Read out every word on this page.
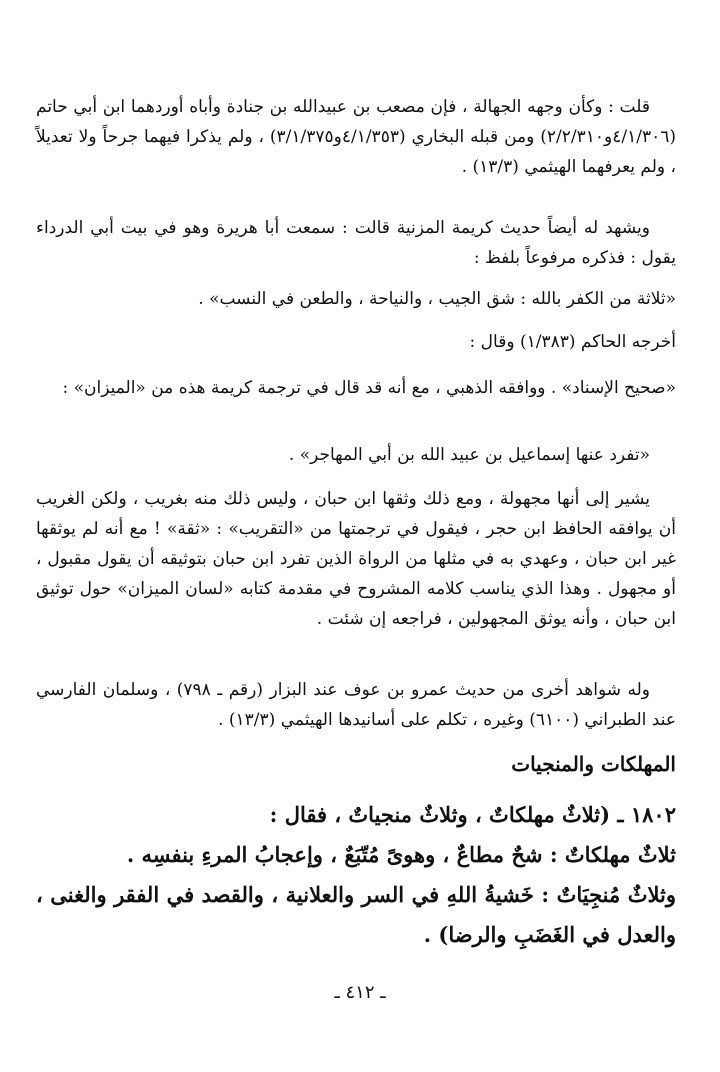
قلت : وكأن وجهه الجهالة ، فإن مصعب بن عبيدالله بن جنادة وأباه أوردهما ابن أبي حاتم (٤/١/٣٠٦و٢/٢/٣١٠) ومن قبله البخاري (٤/١/٣٥٣و٣/١/٣٧٥) ، ولم يذكرا فيهما جرحاً ولا تعديلاً ، ولم يعرفهما الهيثمي (١٣/٣) .

ويشهد له أيضاً حديث كريمة المزنية قالت : سمعت أبا هريرة وهو في بيت أبي الدرداء يقول : فذكره مرفوعاً بلفظ :

«ثلاثة من الكفر بالله : شق الجيب ، والنياحة ، والطعن في النسب» .

أخرجه الحاكم (١/٣٨٣) وقال :

«صحيح الإسناد» . ووافقه الذهبي ، مع أنه قد قال في ترجمة كريمة هذه من «الميزان» :

«تفرد عنها إسماعيل بن عبيد الله بن أبي المهاجر» .

يشير إلى أنها مجهولة ، ومع ذلك وثقها ابن حبان ، وليس ذلك منه بغريب ، ولكن الغريب أن يوافقه الحافظ ابن حجر ، فيقول في ترجمتها من «التقريب» : «ثقة» ! مع أنه لم يوثقها غير ابن حبان ، وعهدي به في مثلها من الرواة الذين تفرد ابن حبان بتوثيقه أن يقول مقبول ، أو مجهول . وهذا الذي يناسب كلامه المشروح في مقدمة كتابه «لسان الميزان» حول توثيق ابن حبان ، وأنه يوثق المجهولين ، فراجعه إن شئت .

وله شواهد أخرى من حديث عمرو بن عوف عند البزار (رقم ـ ٧٩٨) ، وسلمان الفارسي عند الطبراني (٦١٠٠) وغيره ، تكلم على أسانيدها الهيثمي (١٣/٣) .

المهلكات والمنجيات
١٨٠٢ ـ (ثلاثٌ مهلكاتٌ ، وثلاثٌ منجياتٌ ، فقال :
ثلاثٌ مهلكاتٌ : شحٌ مطاعٌ ، وهوىً مُتّبَعٌ ، وإعجابُ المرءِ بنفسِه .
وثلاثٌ مُنجِيَاتٌ : خَشيةُ اللهِ في السر والعلانية ، والقصد في الفقر والغنى ، والعدل في الغَضَبِ والرضا) .
ـ ٤١٢ ـ
